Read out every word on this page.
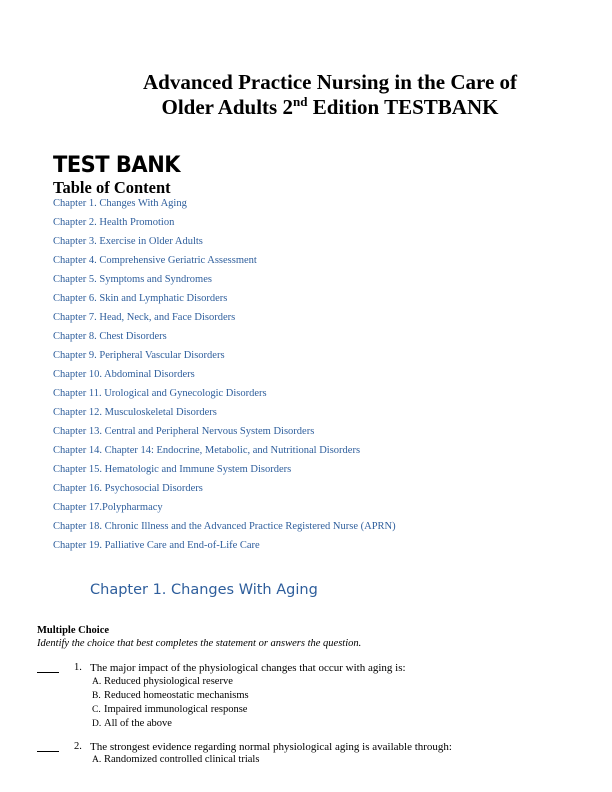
Advanced Practice Nursing in the Care of
Older Adults 2nd Edition TESTBANK
TEST BANK
Table of Content
Chapter 1. Changes With Aging
Chapter 2. Health Promotion
Chapter 3. Exercise in Older Adults
Chapter 4. Comprehensive Geriatric Assessment
Chapter 5. Symptoms and Syndromes
Chapter 6. Skin and Lymphatic Disorders
Chapter 7. Head, Neck, and Face Disorders
Chapter 8. Chest Disorders
Chapter 9. Peripheral Vascular Disorders
Chapter 10. Abdominal Disorders
Chapter 11. Urological and Gynecologic Disorders
Chapter 12. Musculoskeletal Disorders
Chapter 13. Central and Peripheral Nervous System Disorders
Chapter 14. Chapter 14: Endocrine, Metabolic, and Nutritional Disorders
Chapter 15. Hematologic and Immune System Disorders
Chapter 16. Psychosocial Disorders
Chapter 17.Polypharmacy
Chapter 18. Chronic Illness and the Advanced Practice Registered Nurse (APRN)
Chapter 19. Palliative Care and End-of-Life Care
Chapter 1. Changes With Aging
Multiple Choice
Identify the choice that best completes the statement or answers the question.
1. The major impact of the physiological changes that occur with aging is:
A. Reduced physiological reserve
B. Reduced homeostatic mechanisms
C. Impaired immunological response
D. All of the above
2. The strongest evidence regarding normal physiological aging is available through:
A. Randomized controlled clinical trials
